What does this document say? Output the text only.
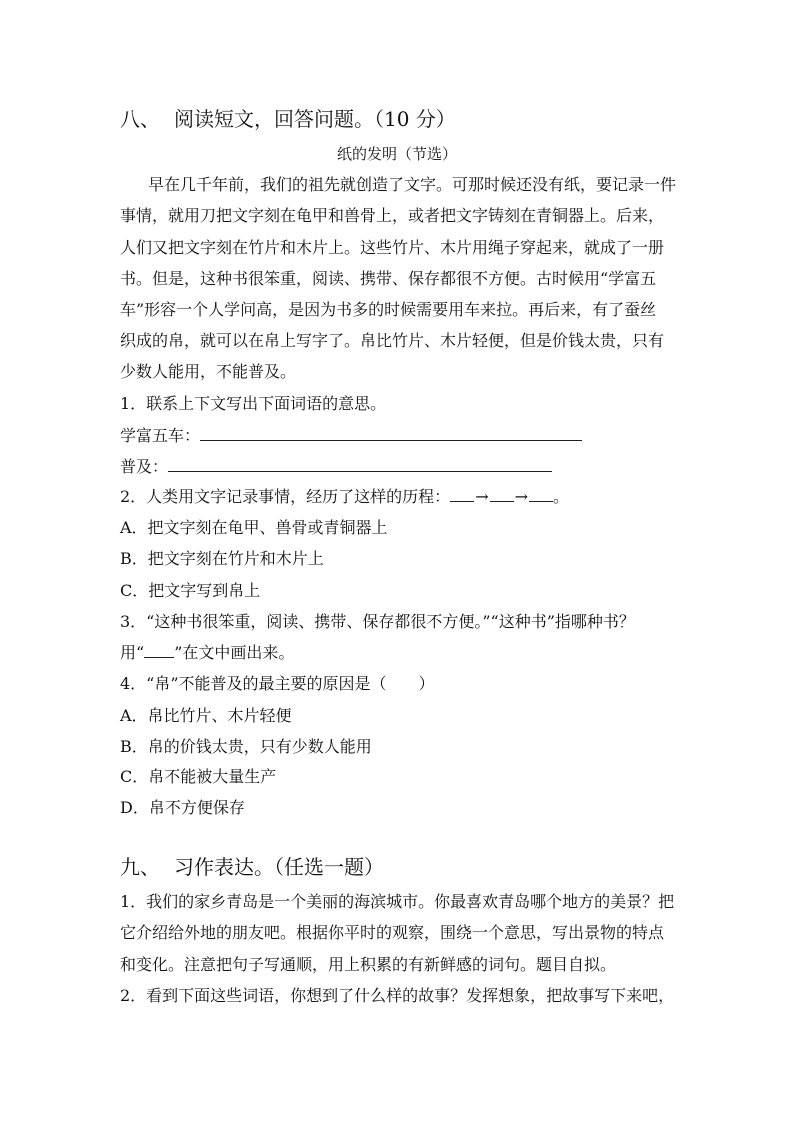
八、 阅读短文，回答问题。（10 分）
纸的发明（节选）
早在几千年前，我们的祖先就创造了文字。可那时候还没有纸，要记录一件
事情，就用刀把文字刻在龟甲和兽骨上，或者把文字铸刻在青铜器上。后来，
人们又把文字刻在竹片和木片上。这些竹片、木片用绳子穿起来，就成了一册
书。但是，这种书很笨重，阅读、携带、保存都很不方便。古时候用“学富五
车”形容一个人学问高，是因为书多的时候需要用车来拉。再后来，有了蚕丝
织成的帛，就可以在帛上写字了。帛比竹片、木片轻便，但是价钱太贵，只有
少数人能用，不能普及。
1．联系上下文写出下面词语的意思。
学富五车：
普及：
2．人类用文字记录事情，经历了这样的历程： → → 。
A．把文字刻在龟甲、兽骨或青铜器上
B．把文字刻在竹片和木片上
C．把文字写到帛上
3．“这种书很笨重，阅读、携带、保存都很不方便。”“这种书”指哪种书？
用“ ”在文中画出来。
4．“帛”不能普及的最主要的原因是（　　）
A．帛比竹片、木片轻便
B．帛的价钱太贵，只有少数人能用
C．帛不能被大量生产
D．帛不方便保存
九、 习作表达。（任选一题）
1．我们的家乡青岛是一个美丽的海滨城市。你最喜欢青岛哪个地方的美景？把
它介绍给外地的朋友吧。根据你平时的观察，围绕一个意思，写出景物的特点
和变化。注意把句子写通顺，用上积累的有新鲜感的词句。题目自拟。
2．看到下面这些词语，你想到了什么样的故事？发挥想象，把故事写下来吧，
